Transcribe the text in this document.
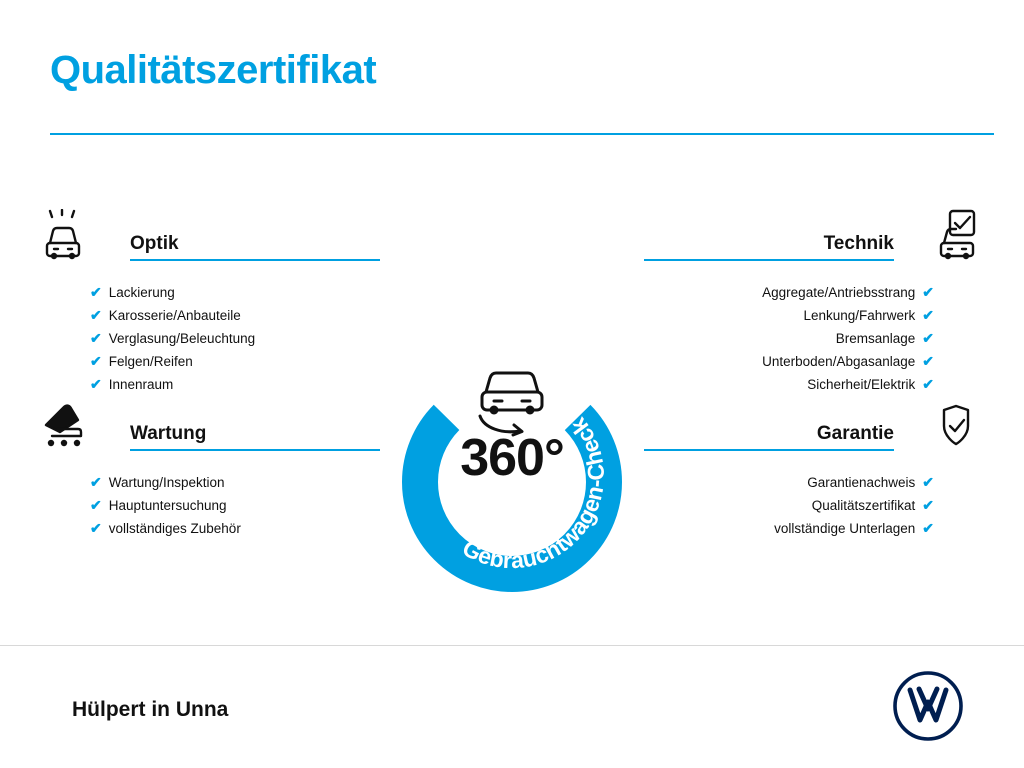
Qualitätszertifikat
Optik
✔ Lackierung
✔ Karosserie/Anbauteile
✔ Verglasung/Beleuchtung
✔ Felgen/Reifen
✔ Innenraum
Wartung
✔ Wartung/Inspektion
✔ Hauptuntersuchung
✔ vollständiges Zubehör
Technik
Aggregate/Antriebsstrang ✔
Lenkung/Fahrwerk ✔
Bremsanlage ✔
Unterboden/Abgasanlage ✔
Sicherheit/Elektrik ✔
Garantie
Garantienachweis ✔
Qualitätszertifikat ✔
vollständige Unterlagen ✔
Gebrauchtwagen-Check
360°
Hülpert in Unna
